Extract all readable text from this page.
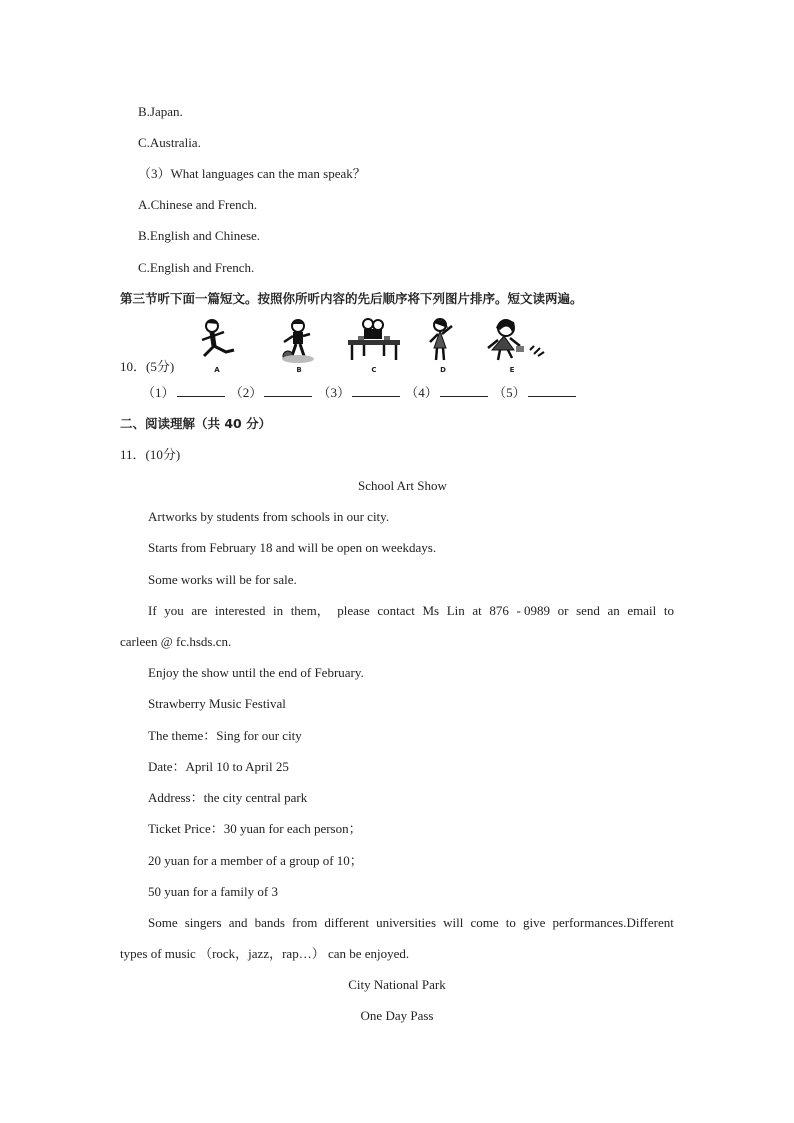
B.Japan.
C.Australia.
（3）What languages can the man speak？
A.Chinese and French.
B.English and Chinese.
C.English and French.
第三节听下面一篇短文。按照你所听内容的先后顺序将下列图片排序。短文读两遍。
A	B	C	D	E
10．(5分)
（1）	（2）	（3）	（4）	（5）
二、阅读理解（共 40 分）
11．(10分)
School Art Show
Artworks by students from schools in our city.
Starts from February 18 and will be open on weekdays.
Some works will be for sale.
If you are interested in them， please contact Ms Lin at 876 - 0989 or send an email to
carleen @ fc.hsds.cn.
Enjoy the show until the end of February.
Strawberry Music Festival
The theme：Sing for our city
Date：April 10 to April 25
Address：the city central park
Ticket Price：30 yuan for each person；
20 yuan for a member of a group of 10；
50 yuan for a family of 3
Some singers and bands from different universities will come to give performances.Different
types of music （rock，jazz，rap…） can be enjoyed.
City National Park
One Day Pass
